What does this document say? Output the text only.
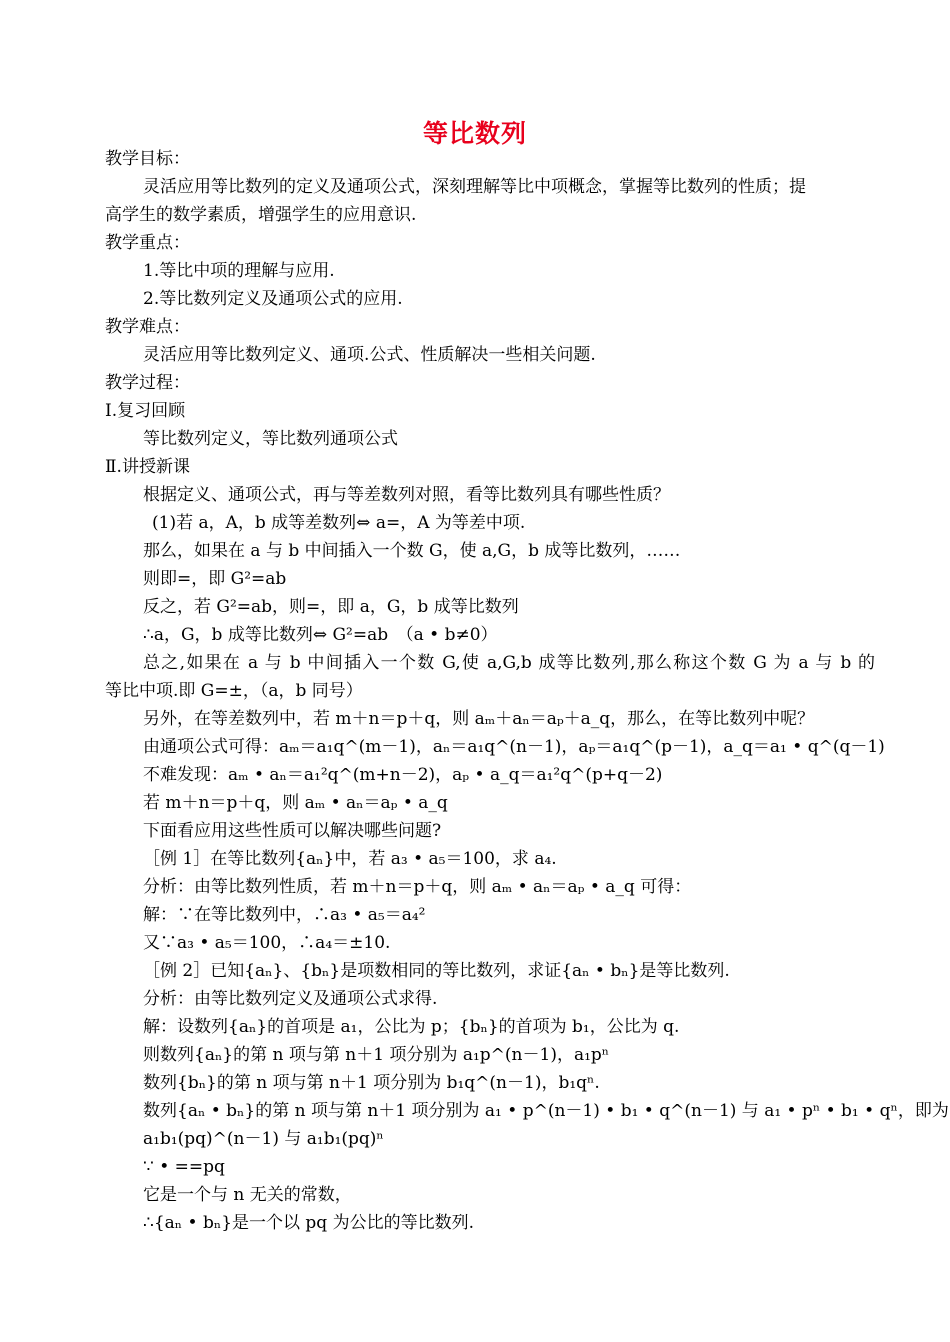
等比数列
教学目标：
灵活应用等比数列的定义及通项公式，深刻理解等比中项概念，掌握等比数列的性质；提
高学生的数学素质，增强学生的应用意识.
教学重点：
1.等比中项的理解与应用.
2.等比数列定义及通项公式的应用.
教学难点：
灵活应用等比数列定义、通项.公式、性质解决一些相关问题.
教学过程：
Ⅰ.复习回顾
等比数列定义，等比数列通项公式
Ⅱ.讲授新课
根据定义、通项公式，再与等差数列对照，看等比数列具有哪些性质？
(1)若 a，A，b 成等差数列⇔ a=，A 为等差中项.
那么，如果在 a 与 b 中间插入一个数 G，使 a,G，b 成等比数列，……
则即=，即 G²=ab
反之，若 G²=ab，则=，即 a，G，b 成等比数列
∴a，G，b 成等比数列⇔ G²=ab　（a • b≠0）
总之,如果在 a 与 b 中间插入一个数 G,使 a,G,b 成等比数列,那么称这个数 G 为 a 与 b 的
等比中项.即 G=±，（a，b 同号）
另外，在等差数列中，若 m＋n＝p＋q，则 aₘ＋aₙ＝aₚ＋a_q，那么，在等比数列中呢？
由通项公式可得：aₘ＝a₁q^(m－1)，aₙ＝a₁q^(n－1)，aₚ＝a₁q^(p－1)，a_q＝a₁ • q^(q－1)
不难发现：aₘ • aₙ＝a₁²q^(m+n－2)，aₚ • a_q＝a₁²q^(p+q－2)
若 m＋n＝p＋q，则 aₘ • aₙ＝aₚ • a_q
下面看应用这些性质可以解决哪些问题?
［例 1］在等比数列{aₙ}中，若 a₃ • a₅＝100，求 a₄.
分析：由等比数列性质，若 m＋n＝p＋q，则 aₘ • aₙ＝aₚ • a_q 可得：
解：∵在等比数列中，∴a₃ • a₅＝a₄²
又∵a₃ • a₅＝100，∴a₄＝±10.
［例 2］已知{aₙ}、{bₙ}是项数相同的等比数列，求证{aₙ • bₙ}是等比数列.
分析：由等比数列定义及通项公式求得.
解：设数列{aₙ}的首项是 a₁，公比为 p；{bₙ}的首项为 b₁，公比为 q.
则数列{aₙ}的第 n 项与第 n＋1 项分别为 a₁p^(n－1)，a₁pⁿ
数列{bₙ}的第 n 项与第 n＋1 项分别为 b₁q^(n－1)，b₁qⁿ.
数列{aₙ • bₙ}的第 n 项与第 n＋1 项分别为 a₁ • p^(n－1) • b₁ • q^(n－1) 与 a₁ • pⁿ • b₁ • qⁿ，即为
a₁b₁(pq)^(n－1) 与 a₁b₁(pq)ⁿ
∵ • ==pq
它是一个与 n 无关的常数，
∴{aₙ • bₙ}是一个以 pq 为公比的等比数列.
